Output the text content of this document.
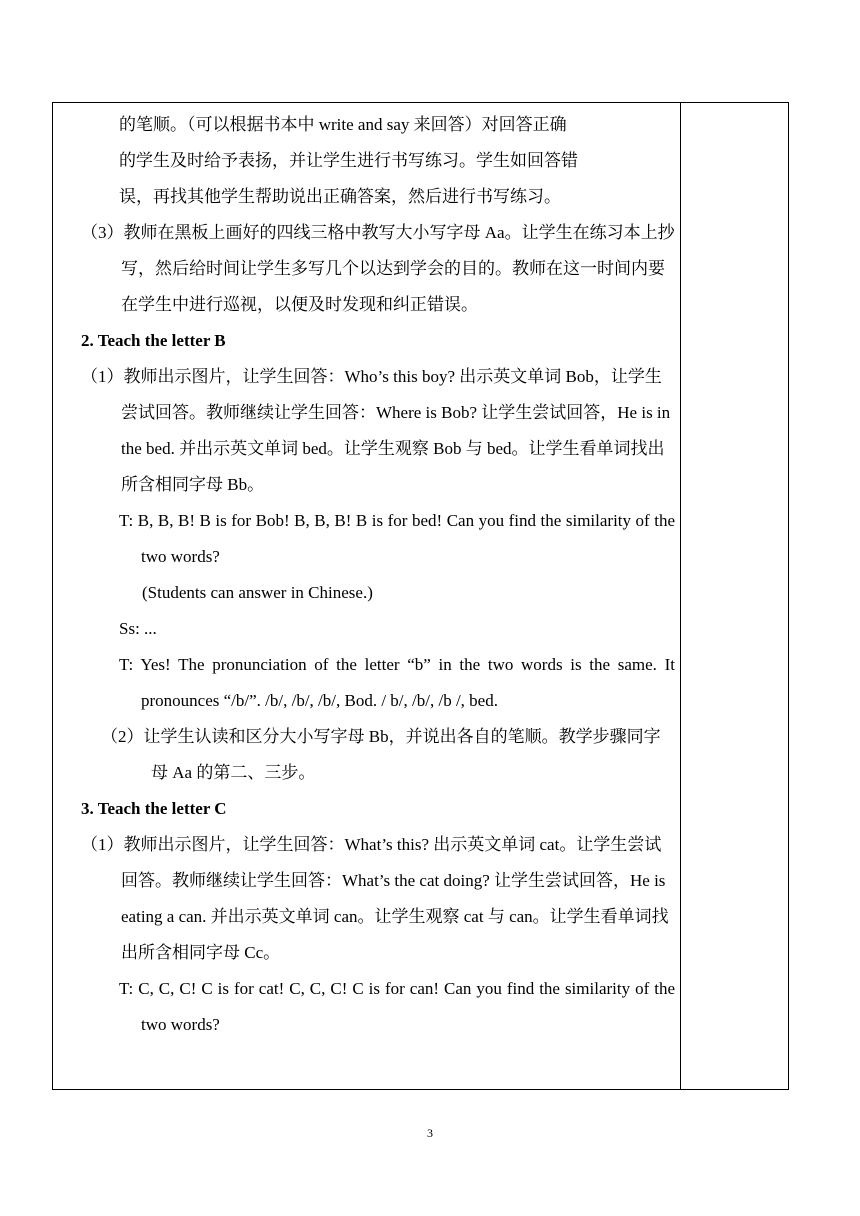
的笔顺。（可以根据书本中 write and say 来回答）对回答正确

的学生及时给予表扬，并让学生进行书写练习。学生如回答错

误，再找其他学生帮助说出正确答案，然后进行书写练习。

（3）教师在黑板上画好的四线三格中教写大小写字母 Aa。让学生在练习本上抄写，然后给时间让学生多写几个以达到学会的目的。教师在这一时间内要在学生中进行巡视，以便及时发现和纠正错误。

2. Teach the letter B

（1）教师出示图片，让学生回答：Who’s this boy? 出示英文单词 Bob，让学生尝试回答。教师继续让学生回答：Where is Bob? 让学生尝试回答，He is in the bed. 并出示英文单词 bed。让学生观察 Bob 与 bed。让学生看单词找出所含相同字母 Bb。

T: B, B, B! B is for Bob! B, B, B! B is for bed! Can you find the similarity of the two words?

(Students can answer in Chinese.)

Ss: ...

T: Yes! The pronunciation of the letter “b” in the two words is the same. It pronounces “/b/”. /b/, /b/, /b/, Bod. / b/, /b/, /b /, bed.

（2）让学生认读和区分大小写字母 Bb，并说出各自的笔顺。教学步骤同字母 Aa 的第二、三步。

3. Teach the letter C

（1）教师出示图片，让学生回答：What’s this? 出示英文单词 cat。让学生尝试回答。教师继续让学生回答：What’s the cat doing? 让学生尝试回答，He is eating a can. 并出示英文单词 can。让学生观察 cat 与 can。让学生看单词找出所含相同字母 Cc。

T: C, C, C! C is for cat! C, C, C! C is for can! Can you find the similarity of the two words?

3
